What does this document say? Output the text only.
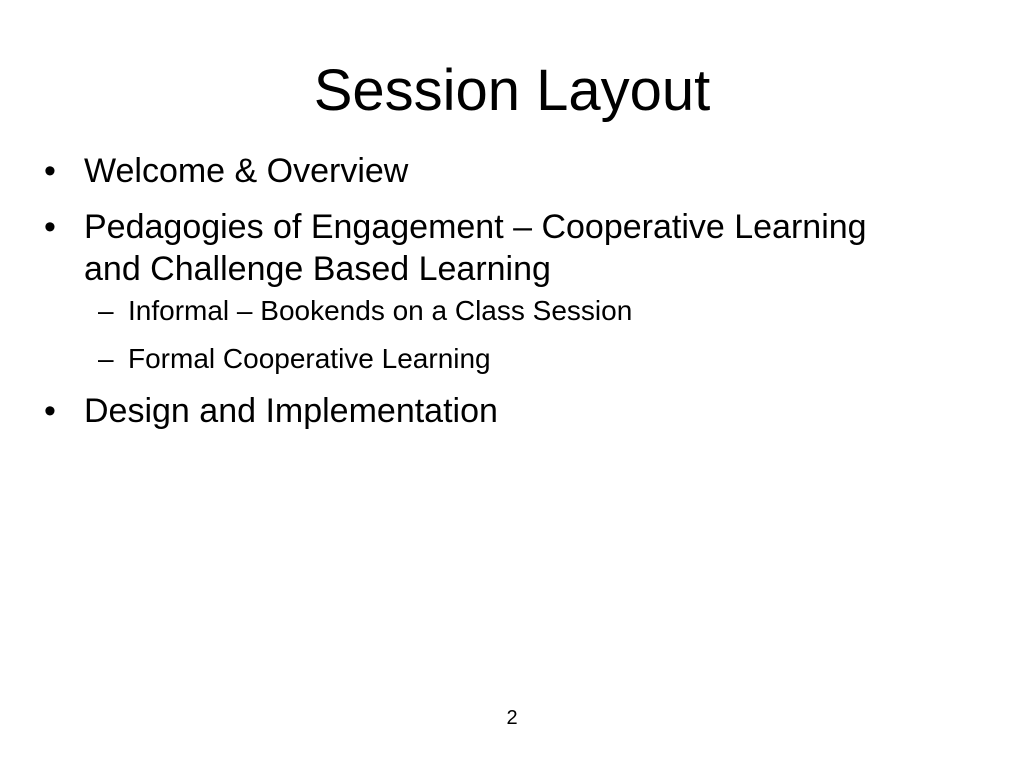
Session Layout
• Welcome & Overview
• Pedagogies of Engagement – Cooperative Learning and Challenge Based Learning
– Informal – Bookends on a Class Session
– Formal Cooperative Learning
• Design and Implementation
2
